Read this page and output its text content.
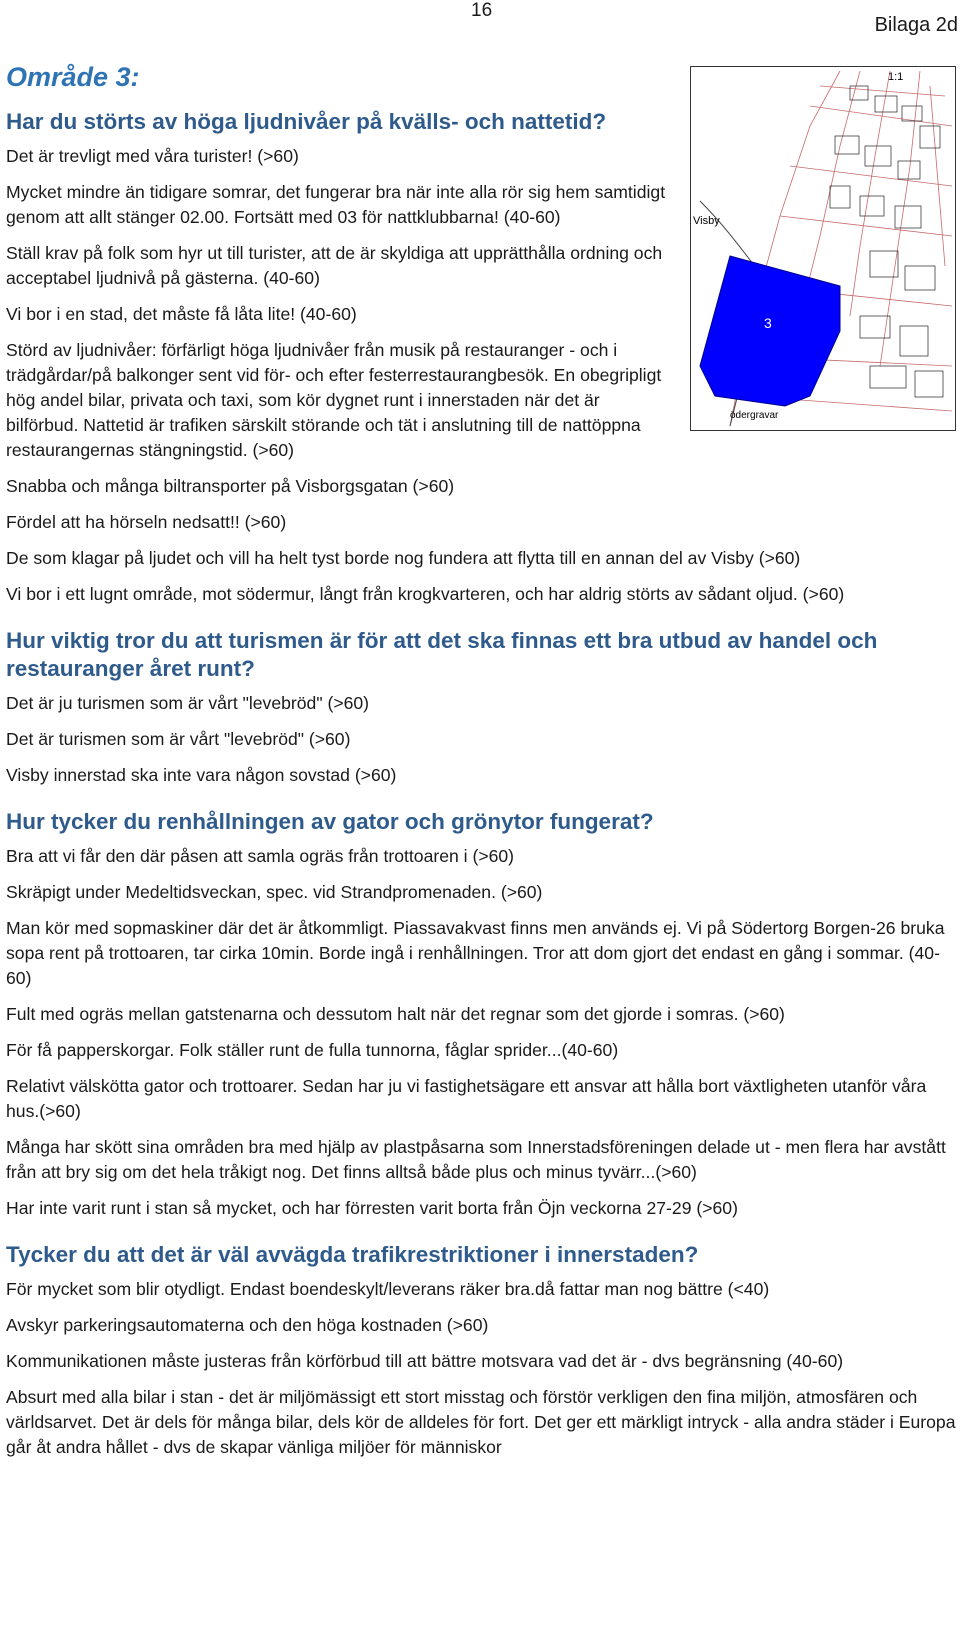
16
Bilaga 2d
Område 3:
3
1:1
Visby
ödergravar
Har du störts av höga ljudnivåer på kvälls- och nattetid?

Det är trevligt med våra turister! (>60)

Mycket mindre än tidigare somrar, det fungerar bra när inte alla rör sig hem samtidigt genom att allt stänger 02.00. Fortsätt med 03 för nattklubbarna! (40-60)

Ställ krav på folk som hyr ut till turister, att de är skyldiga att upprätthålla ordning och acceptabel ljudnivå på gästerna. (40-60)

Vi bor i en stad, det måste få låta lite! (40-60)

Störd av ljudnivåer: förfärligt höga ljudnivåer från musik på restauranger - och i trädgårdar/på balkonger sent vid för- och efter festerrestaurangbesök. En obegripligt hög andel bilar, privata och taxi, som kör dygnet runt i innerstaden när det är bilförbud. Nattetid är trafiken särskilt störande och tät i anslutning till de nattöppna restaurangernas stängningstid. (>60)

Snabba och många biltransporter på Visborgsgatan (>60)

Fördel att ha hörseln nedsatt!! (>60)

De som klagar på ljudet och vill ha helt tyst borde nog fundera att flytta till en annan del av Visby (>60)

Vi bor i ett lugnt område, mot södermur, långt från krogkvarteren, och har aldrig störts av sådant oljud. (>60)

Hur viktig tror du att turismen är för att det ska finnas ett bra utbud av handel och restauranger året runt?

Det är ju turismen som är vårt "levebröd" (>60)

Det är turismen som är vårt "levebröd" (>60)

Visby innerstad ska inte vara någon sovstad (>60)

Hur tycker du renhållningen av gator och grönytor fungerat?

Bra att vi får den där påsen att samla ogräs från trottoaren i (>60)

Skräpigt under Medeltidsveckan, spec. vid Strandpromenaden. (>60)

Man kör med sopmaskiner där det är åtkommligt. Piassavakvast finns men används ej. Vi på Södertorg Borgen-26 bruka sopa rent på trottoaren, tar cirka 10min. Borde ingå i renhållningen. Tror att dom gjort det endast en gång i sommar. (40-60)

Fult med ogräs mellan gatstenarna och dessutom halt när det regnar som det gjorde i somras. (>60)

För få papperskorgar. Folk ställer runt de fulla tunnorna, fåglar sprider...(40-60)

Relativt välskötta gator och trottoarer. Sedan har ju vi fastighetsägare ett ansvar att hålla bort växtligheten utanför våra hus.(>60)

Många har skött sina områden bra med hjälp av plastpåsarna som Innerstadsföreningen delade ut - men flera har avstått från att bry sig om det hela tråkigt nog. Det finns alltså både plus och minus tyvärr...(>60)

Har inte varit runt i stan så mycket, och har förresten varit borta från Öjn veckorna 27-29 (>60)

Tycker du att det är väl avvägda trafikrestriktioner i innerstaden?

För mycket som blir otydligt. Endast boendeskylt/leverans räker bra.då fattar man nog bättre (<40)

Avskyr parkeringsautomaterna och den höga kostnaden (>60)

Kommunikationen måste justeras från körförbud till att bättre motsvara vad det är - dvs begränsning (40-60)

Absurt med alla bilar i stan - det är miljömässigt ett stort misstag och förstör verkligen den fina miljön, atmosfären och världsarvet. Det är dels för många bilar, dels kör de alldeles för fort. Det ger ett märkligt intryck - alla andra städer i Europa går åt andra hållet - dvs de skapar vänliga miljöer för människor
